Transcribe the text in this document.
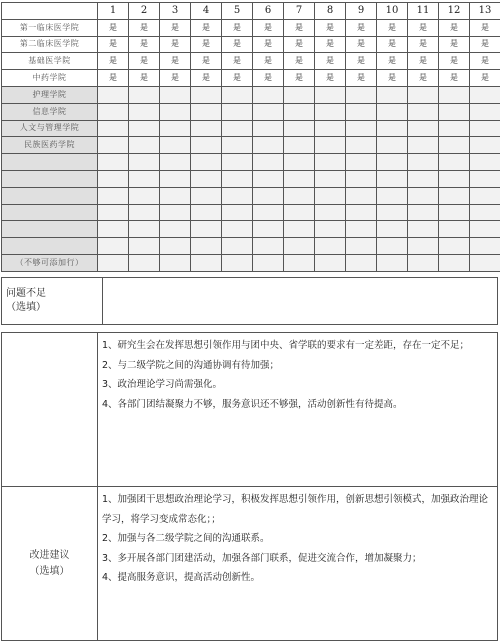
	1	2	3	4	5	6	7	8	9	10	11	12	13
第一临床医学院	是	是	是	是	是	是	是	是	是	是	是	是	是
第二临床医学院	是	是	是	是	是	是	是	是	是	是	是	是	是
基础医学院	是	是	是	是	是	是	是	是	是	是	是	是	是
中药学院	是	是	是	是	是	是	是	是	是	是	是	是	是
护理学院													
信息学院													
人文与管理学院													
民族医药学院													

（不够可添加行）													
问题不足
（选填）

	1、研究生会在发挥思想引领作用与团中央、省学联的要求有一定差距，存在一定不足；
2、与二级学院之间的沟通协调有待加强；
3、政治理论学习尚需强化。
4、各部门团结凝聚力不够，服务意识还不够强，活动创新性有待提高。

改进建议
（选填）	1、加强团干思想政治理论学习，积极发挥思想引领作用，创新思想引领模式，加强政治理论学习，将学习变成常态化；；
2、加强与各二级学院之间的沟通联系。
3、多开展各部门团建活动，加强各部门联系，促进交流合作，增加凝聚力；
4、提高服务意识，提高活动创新性。
